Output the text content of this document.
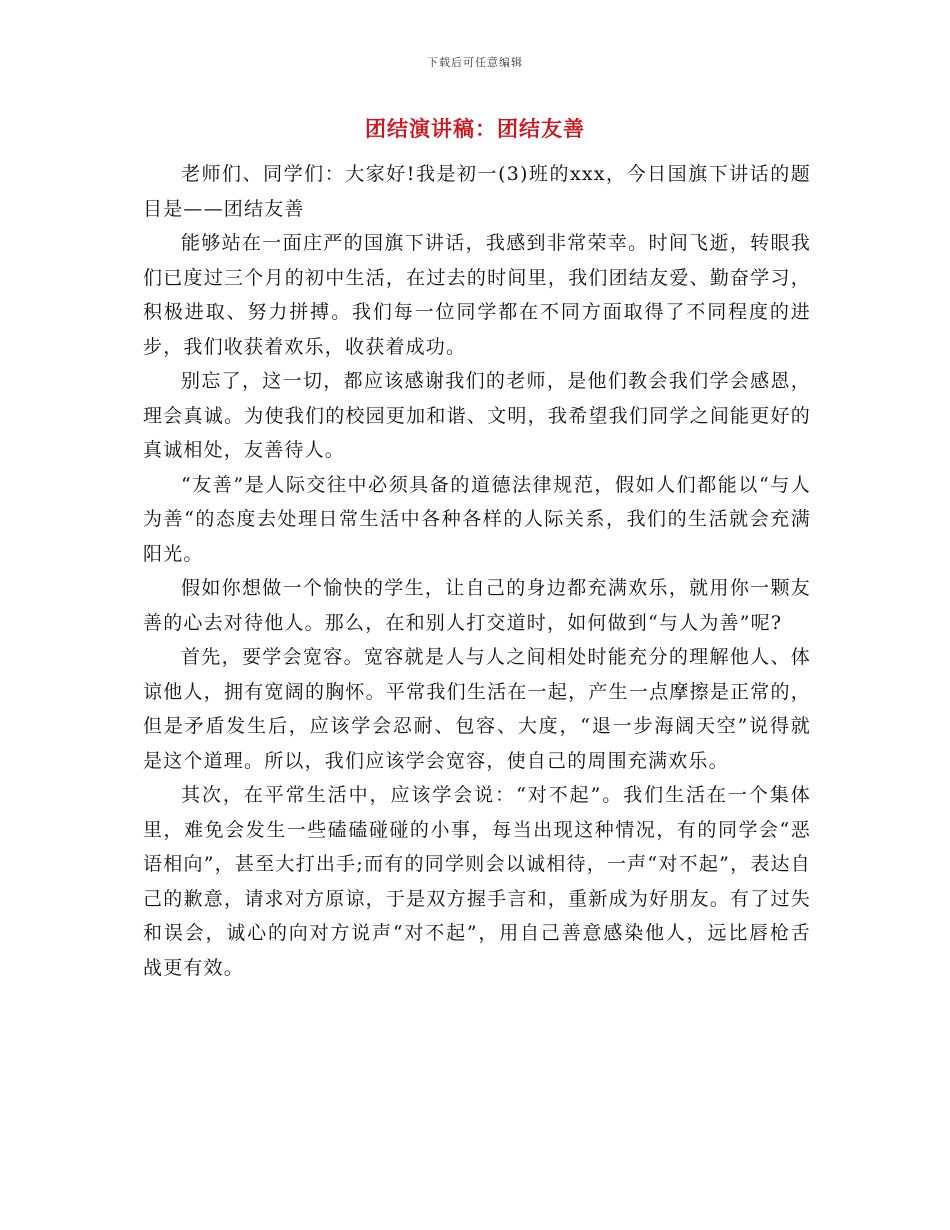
下载后可任意编辑
团结演讲稿：团结友善

老师们、同学们：大家好!我是初一(3)班的xxx，今日国旗下讲话的题目是——团结友善

能够站在一面庄严的国旗下讲话，我感到非常荣幸。时间飞逝，转眼我们已度过三个月的初中生活，在过去的时间里，我们团结友爱、勤奋学习，积极进取、努力拼搏。我们每一位同学都在不同方面取得了不同程度的进步，我们收获着欢乐，收获着成功。

别忘了，这一切，都应该感谢我们的老师，是他们教会我们学会感恩，理会真诚。为使我们的校园更加和谐、文明，我希望我们同学之间能更好的真诚相处，友善待人。

“友善”是人际交往中必须具备的道德法律规范，假如人们都能以“与人为善“的态度去处理日常生活中各种各样的人际关系，我们的生活就会充满阳光。

假如你想做一个愉快的学生，让自己的身边都充满欢乐，就用你一颗友善的心去对待他人。那么，在和别人打交道时，如何做到“与人为善”呢?

首先，要学会宽容。宽容就是人与人之间相处时能充分的理解他人、体谅他人，拥有宽阔的胸怀。平常我们生活在一起，产生一点摩擦是正常的，但是矛盾发生后，应该学会忍耐、包容、大度，“退一步海阔天空”说得就是这个道理。所以，我们应该学会宽容，使自己的周围充满欢乐。

其次，在平常生活中，应该学会说：“对不起”。我们生活在一个集体里，难免会发生一些磕磕碰碰的小事，每当出现这种情况，有的同学会“恶语相向”，甚至大打出手;而有的同学则会以诚相待，一声“对不起”，表达自己的歉意，请求对方原谅，于是双方握手言和，重新成为好朋友。有了过失和误会，诚心的向对方说声“对不起”，用自己善意感染他人，远比唇枪舌战更有效。
